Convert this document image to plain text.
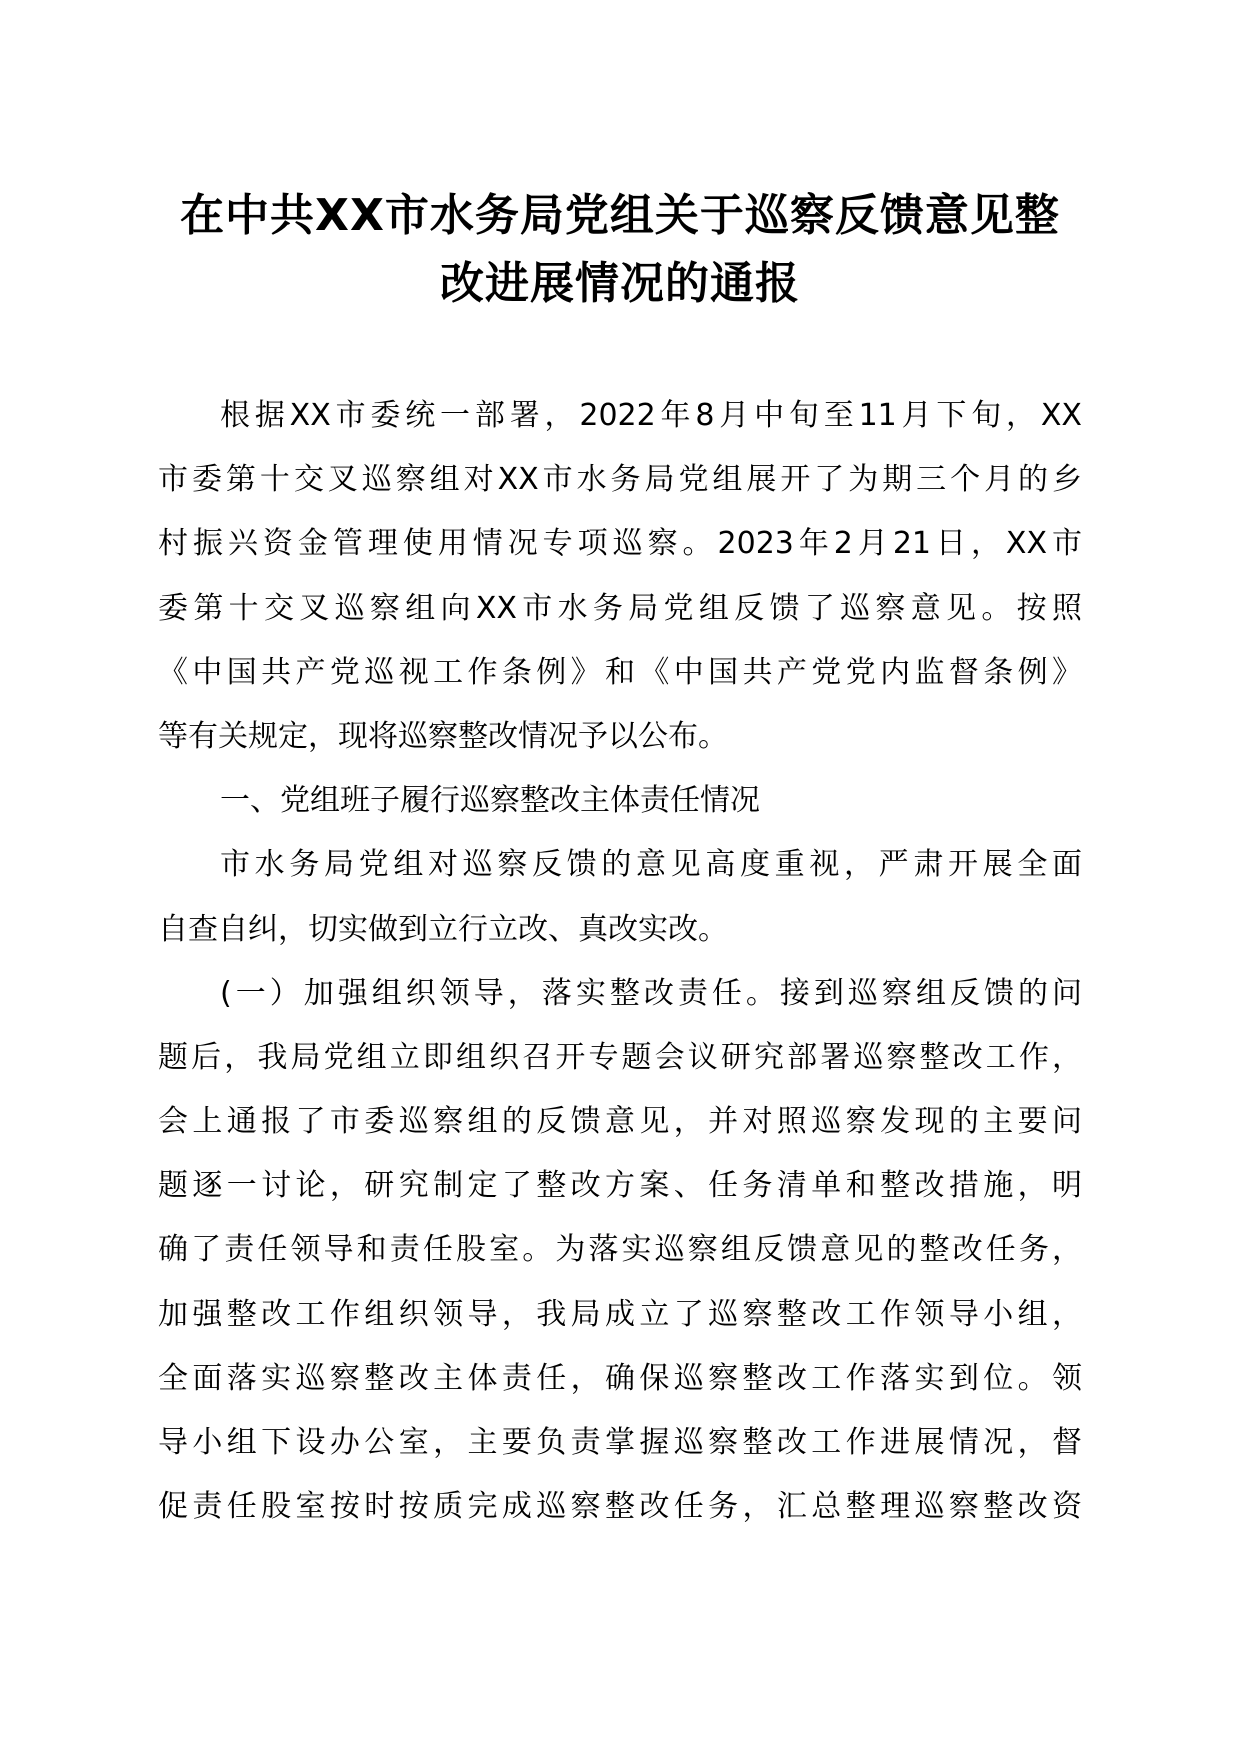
在中共XX市水务局党组关于巡察反馈意见整
改进展情况的通报
根据XX市委统一部署，2022年8月中旬至11月下旬，XX
市委第十交叉巡察组对XX市水务局党组展开了为期三个月的乡
村振兴资金管理使用情况专项巡察。2023年2月21日，XX市
委第十交叉巡察组向XX市水务局党组反馈了巡察意见。按照
《中国共产党巡视工作条例》和《中国共产党党内监督条例》
等有关规定，现将巡察整改情况予以公布。
一、党组班子履行巡察整改主体责任情况
市水务局党组对巡察反馈的意见高度重视，严肃开展全面
自查自纠，切实做到立行立改、真改实改。
(一）加强组织领导，落实整改责任。接到巡察组反馈的问
题后，我局党组立即组织召开专题会议研究部署巡察整改工作，
会上通报了市委巡察组的反馈意见，并对照巡察发现的主要问
题逐一讨论，研究制定了整改方案、任务清单和整改措施，明
确了责任领导和责任股室。为落实巡察组反馈意见的整改任务，
加强整改工作组织领导，我局成立了巡察整改工作领导小组，
全面落实巡察整改主体责任，确保巡察整改工作落实到位。领
导小组下设办公室，主要负责掌握巡察整改工作进展情况，督
促责任股室按时按质完成巡察整改任务，汇总整理巡察整改资
